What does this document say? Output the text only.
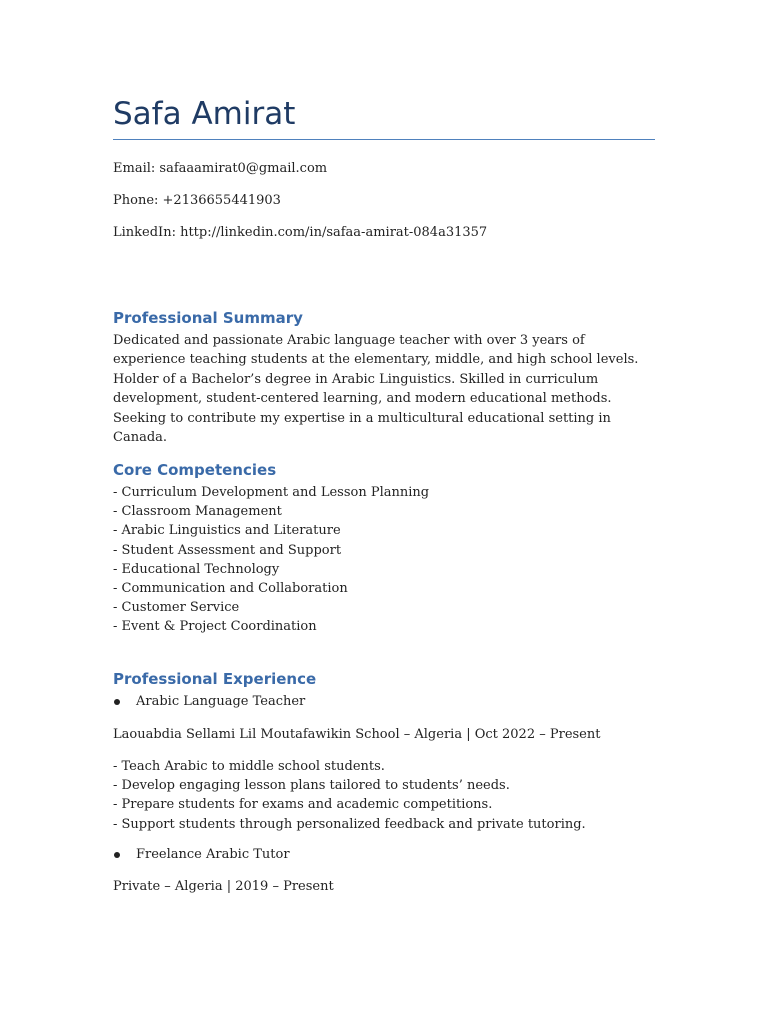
Safa Amirat
Email: safaaamirat0@gmail.com
Phone: +2136655441903
LinkedIn: http://linkedin.com/in/safaa-amirat-084a31357
Professional Summary

Dedicated and passionate Arabic language teacher with over 3 years of experience teaching students at the elementary, middle, and high school levels. Holder of a Bachelor’s degree in Arabic Linguistics. Skilled in curriculum development, student-centered learning, and modern educational methods. Seeking to contribute my expertise in a multicultural educational setting in Canada.

Core Competencies
- Curriculum Development and Lesson Planning
- Classroom Management
- Arabic Linguistics and Literature
- Student Assessment and Support
- Educational Technology
- Communication and Collaboration
- Customer Service
- Event & Project Coordination
Professional Experience
Arabic Language Teacher
Laouabdia Sellami Lil Moutafawikin School – Algeria | Oct 2022 – Present
- Teach Arabic to middle school students.
- Develop engaging lesson plans tailored to students’ needs.
- Prepare students for exams and academic competitions.
- Support students through personalized feedback and private tutoring.
Freelance Arabic Tutor
Private – Algeria | 2019 – Present
